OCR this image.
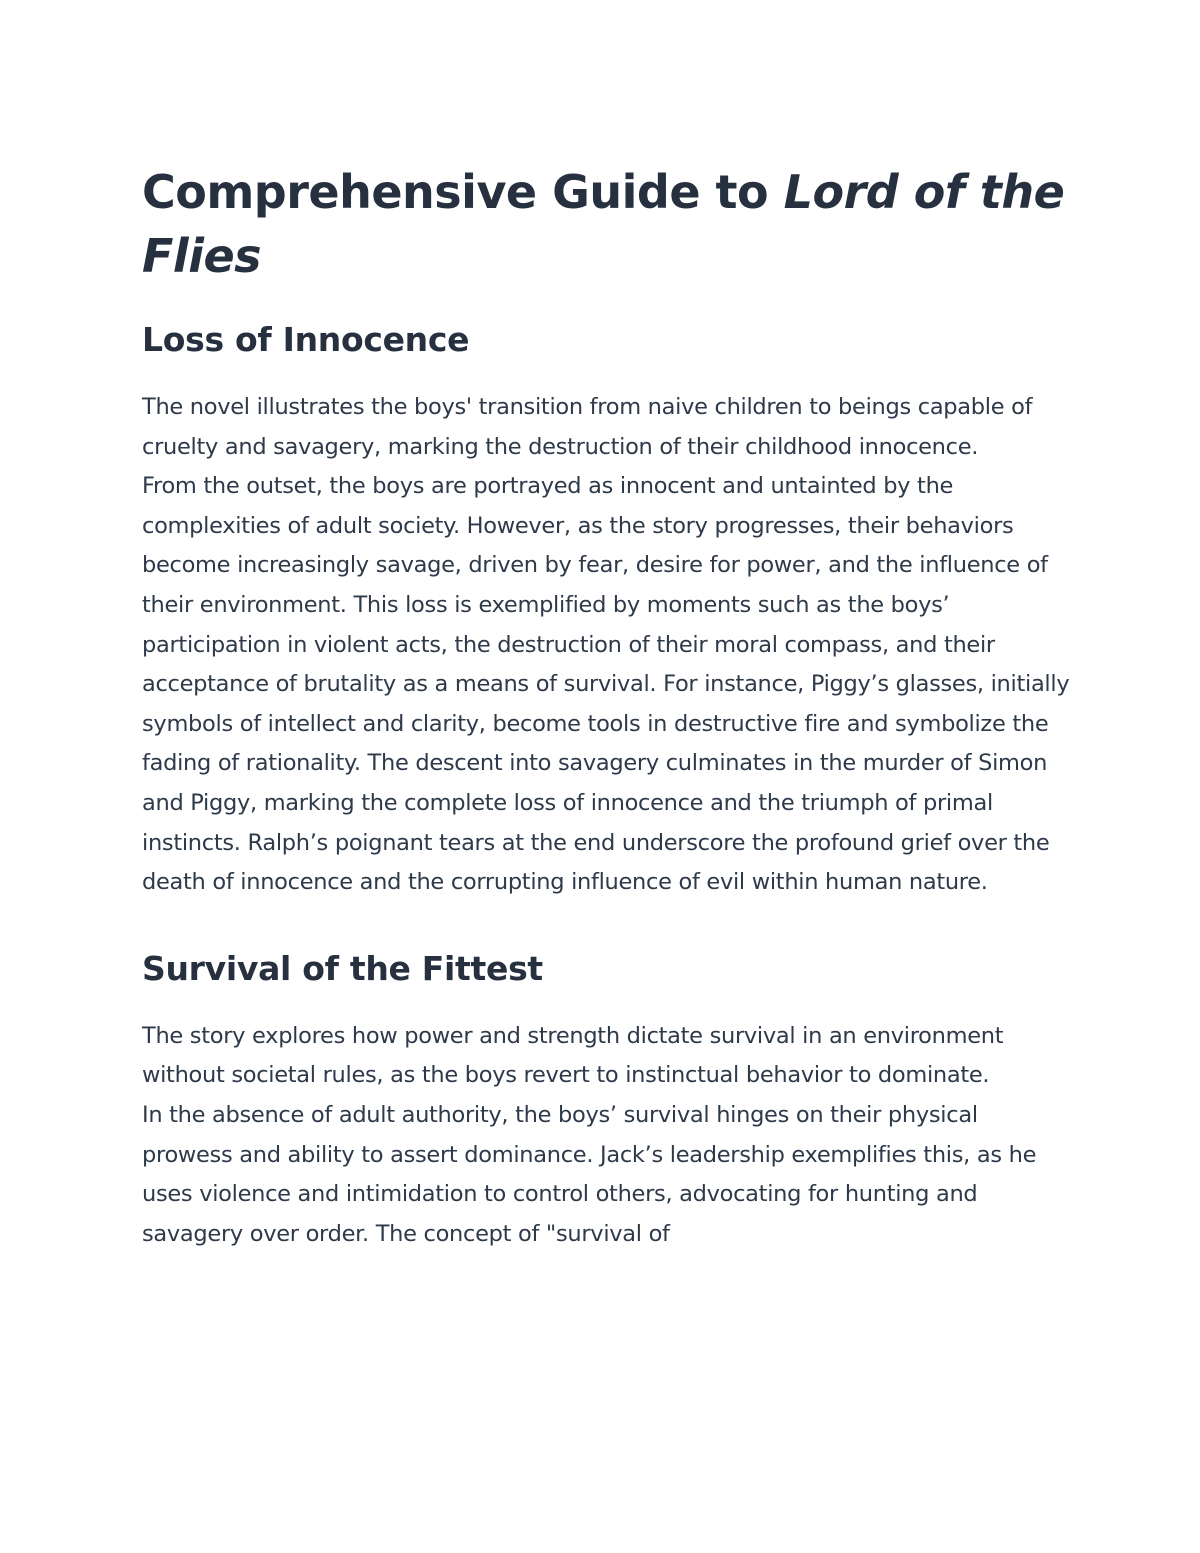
Comprehensive Guide to Lord of the Flies
Loss of Innocence

The novel illustrates the boys' transition from naive children to beings capable of cruelty and savagery, marking the destruction of their childhood innocence.

From the outset, the boys are portrayed as innocent and untainted by the complexities of adult society. However, as the story progresses, their behaviors become increasingly savage, driven by fear, desire for power, and the influence of their environment. This loss is exemplified by moments such as the boys’ participation in violent acts, the destruction of their moral compass, and their acceptance of brutality as a means of survival. For instance, Piggy’s glasses, initially symbols of intellect and clarity, become tools in destructive fire and symbolize the fading of rationality. The descent into savagery culminates in the murder of Simon and Piggy, marking the complete loss of innocence and the triumph of primal instincts. Ralph’s poignant tears at the end underscore the profound grief over the death of innocence and the corrupting influence of evil within human nature.

Survival of the Fittest

The story explores how power and strength dictate survival in an environment without societal rules, as the boys revert to instinctual behavior to dominate.

In the absence of adult authority, the boys’ survival hinges on their physical prowess and ability to assert dominance. Jack’s leadership exemplifies this, as he uses violence and intimidation to control others, advocating for hunting and savagery over order. The concept of "survival of
